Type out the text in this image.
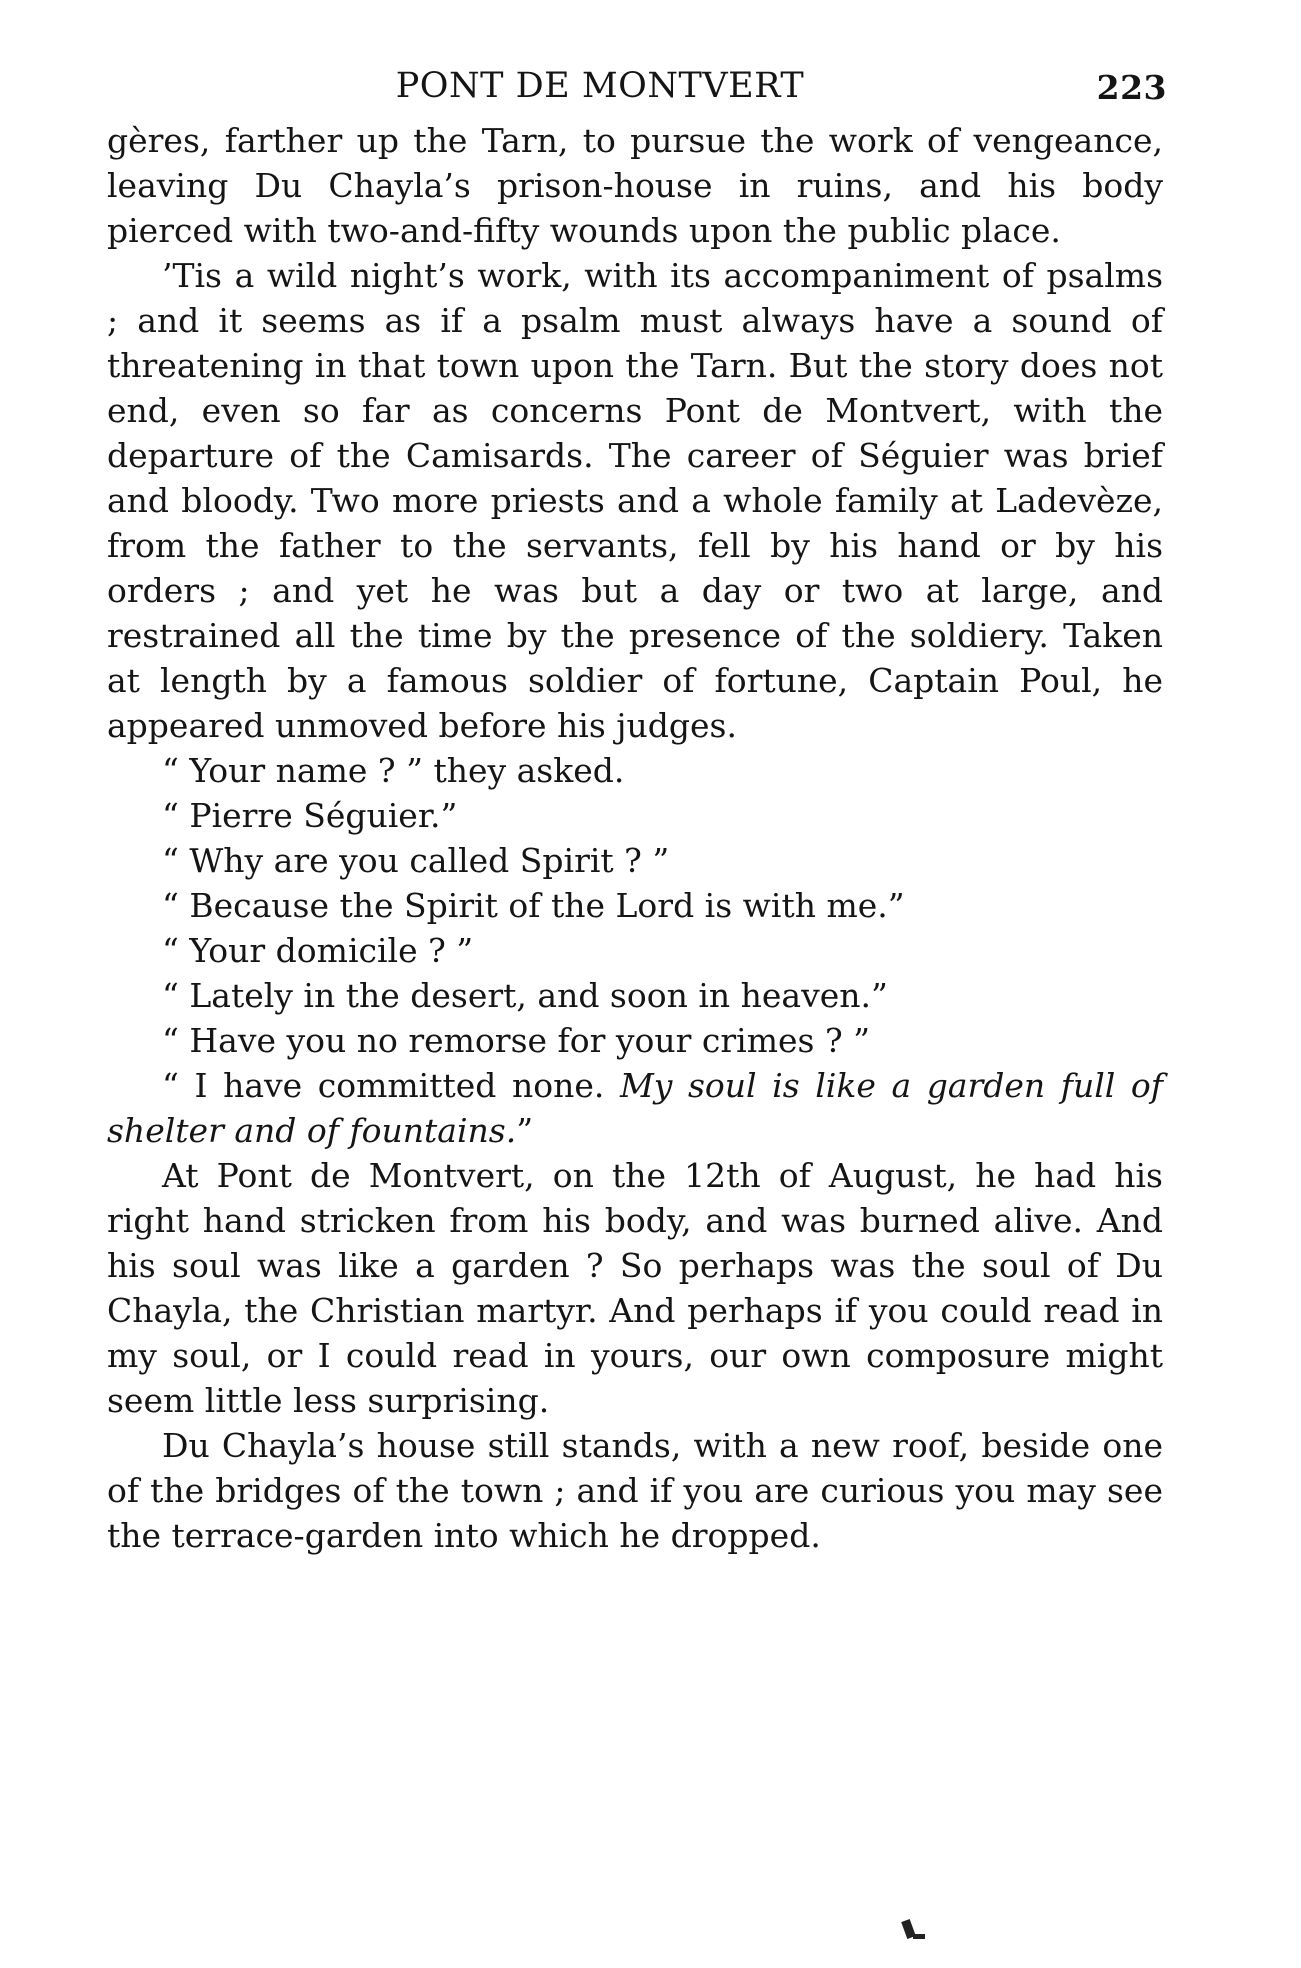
PONT DE MONTVERT	223

gères, farther up the Tarn, to pursue the work of vengeance, leaving Du Chayla’s prison-house in ruins, and his body pierced with two-and-fifty wounds upon the public place.

’Tis a wild night’s work, with its accompaniment of psalms ; and it seems as if a psalm must always have a sound of threatening in that town upon the Tarn. But the story does not end, even so far as concerns Pont de Montvert, with the departure of the Camisards. The career of Séguier was brief and bloody. Two more priests and a whole family at Ladevèze, from the father to the servants, fell by his hand or by his orders ; and yet he was but a day or two at large, and restrained all the time by the presence of the soldiery. Taken at length by a famous soldier of fortune, Captain Poul, he appeared unmoved before his judges.

“ Your name ? ” they asked.

“ Pierre Séguier.”

“ Why are you called Spirit ? ”

“ Because the Spirit of the Lord is with me.”

“ Your domicile ? ”

“ Lately in the desert, and soon in heaven.”

“ Have you no remorse for your crimes ? ”

“ I have committed none. My soul is like a garden full of shelter and of fountains.”

At Pont de Montvert, on the 12th of August, he had his right hand stricken from his body, and was burned alive. And his soul was like a garden ? So perhaps was the soul of Du Chayla, the Christian martyr. And perhaps if you could read in my soul, or I could read in yours, our own composure might seem little less surprising.

Du Chayla’s house still stands, with a new roof, beside one of the bridges of the town ; and if you are curious you may see the terrace-garden into which he dropped.
